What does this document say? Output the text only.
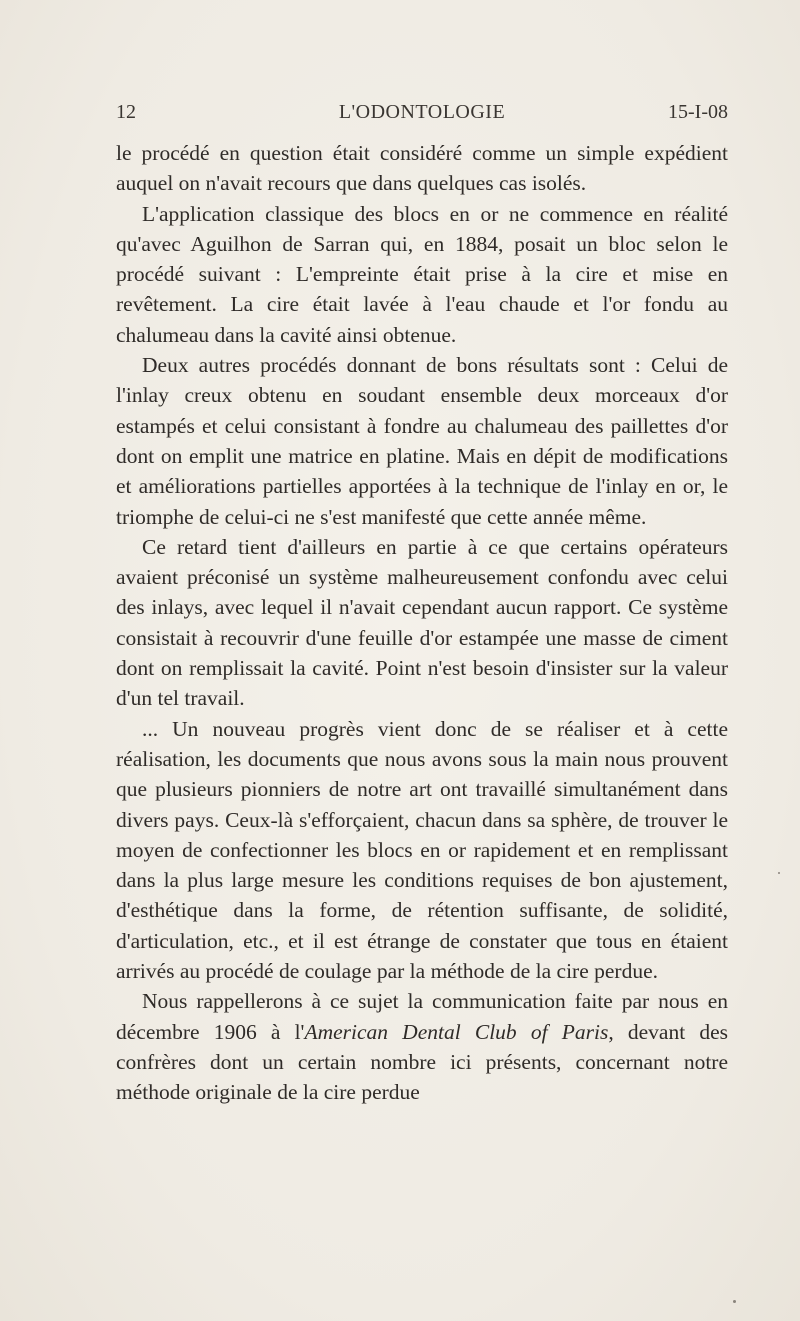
12	L'ODONTOLOGIE	15-I-08

le procédé en question était considéré comme un simple expédient auquel on n'avait recours que dans quelques cas isolés.

L'application classique des blocs en or ne commence en réalité qu'avec Aguilhon de Sarran qui, en 1884, posait un bloc selon le procédé suivant : L'empreinte était prise à la cire et mise en revêtement. La cire était lavée à l'eau chaude et l'or fondu au chalumeau dans la cavité ainsi obtenue.

Deux autres procédés donnant de bons résultats sont : Celui de l'inlay creux obtenu en soudant ensemble deux morceaux d'or estampés et celui consistant à fondre au chalumeau des paillettes d'or dont on emplit une matrice en platine. Mais en dépit de modifications et améliorations partielles apportées à la technique de l'inlay en or, le triomphe de celui-ci ne s'est manifesté que cette année même.

Ce retard tient d'ailleurs en partie à ce que certains opérateurs avaient préconisé un système malheureusement confondu avec celui des inlays, avec lequel il n'avait cependant aucun rapport. Ce système consistait à recouvrir d'une feuille d'or estampée une masse de ciment dont on remplissait la cavité. Point n'est besoin d'insister sur la valeur d'un tel travail.

... Un nouveau progrès vient donc de se réaliser et à cette réalisation, les documents que nous avons sous la main nous prouvent que plusieurs pionniers de notre art ont travaillé simultanément dans divers pays. Ceux-là s'efforçaient, chacun dans sa sphère, de trouver le moyen de confectionner les blocs en or rapidement et en remplissant dans la plus large mesure les conditions requises de bon ajustement, d'esthétique dans la forme, de rétention suffisante, de solidité, d'articulation, etc., et il est étrange de constater que tous en étaient arrivés au procédé de coulage par la méthode de la cire perdue.

Nous rappellerons à ce sujet la communication faite par nous en décembre 1906 à l'American Dental Club of Paris, devant des confrères dont un certain nombre ici présents, concernant notre méthode originale de la cire perdue
